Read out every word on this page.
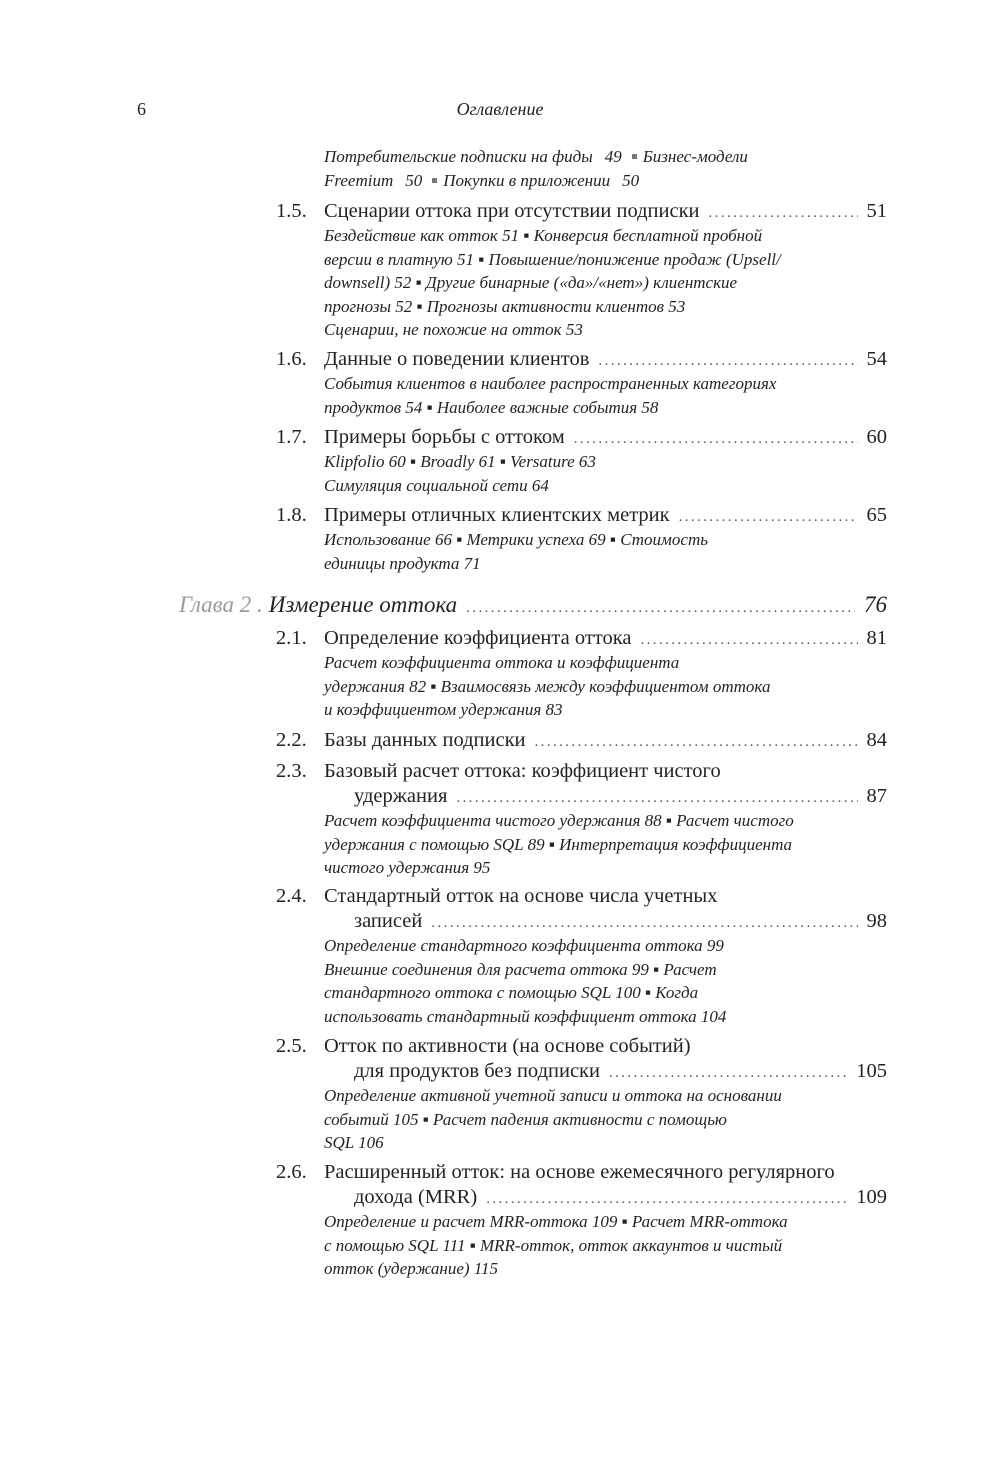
6	Оглавление
Потребительские подписки на фиды 49 Бизнес-модели
Freemium 50 Покупки в приложении 50
1.5. Сценарии оттока при отсутствии подписки .....	51
Бездействие как отток 51 ▪ Конверсия бесплатной пробной
версии в платную 51 ▪ Повышение/понижение продаж (Upsell/
downsell) 52 ▪ Другие бинарные («да»/«нет») клиентские
прогнозы 52 ▪ Прогнозы активности клиентов 53
Сценарии, не похожие на отток 53
1.6. Данные о поведении клиентов .....	54
События клиентов в наиболее распространенных категориях
продуктов 54 ▪ Наиболее важные события 58
1.7. Примеры борьбы с оттоком .....	60
Klipfolio 60 ▪ Broadly 61 ▪ Versature 63
Симуляция социальной сети 64
1.8. Примеры отличных клиентских метрик .....	65
Использование 66 ▪ Метрики успеха 69 ▪ Стоимость
единицы продукта 71
Глава 2 . Измерение оттока .....	76
2.1. Определение коэффициента оттока .....	81
Расчет коэффициента оттока и коэффициента
удержания 82 ▪ Взаимосвязь между коэффициентом оттока
и коэффициентом удержания 83
2.2. Базы данных подписки .....	84
2.3. Базовый расчет оттока: коэффициент чистого
удержания .....	87
Расчет коэффициента чистого удержания 88 ▪ Расчет чистого
удержания с помощью SQL 89 ▪ Интерпретация коэффициента
чистого удержания 95
2.4. Стандартный отток на основе числа учетных
записей .....	98
Определение стандартного коэффициента оттока 99
Внешние соединения для расчета оттока 99 ▪ Расчет
стандартного оттока с помощью SQL 100 ▪ Когда
использовать стандартный коэффициент оттока 104
2.5. Отток по активности (на основе событий)
для продуктов без подписки .....	105
Определение активной учетной записи и оттока на основании
событий 105 ▪ Расчет падения активности с помощью
SQL 106
2.6. Расширенный отток: на основе ежемесячного регулярного
дохода (MRR) .....	109
Определение и расчет MRR-оттока 109 ▪ Расчет MRR-оттока
с помощью SQL 111 ▪ MRR-отток, отток аккаунтов и чистый
отток (удержание) 115
